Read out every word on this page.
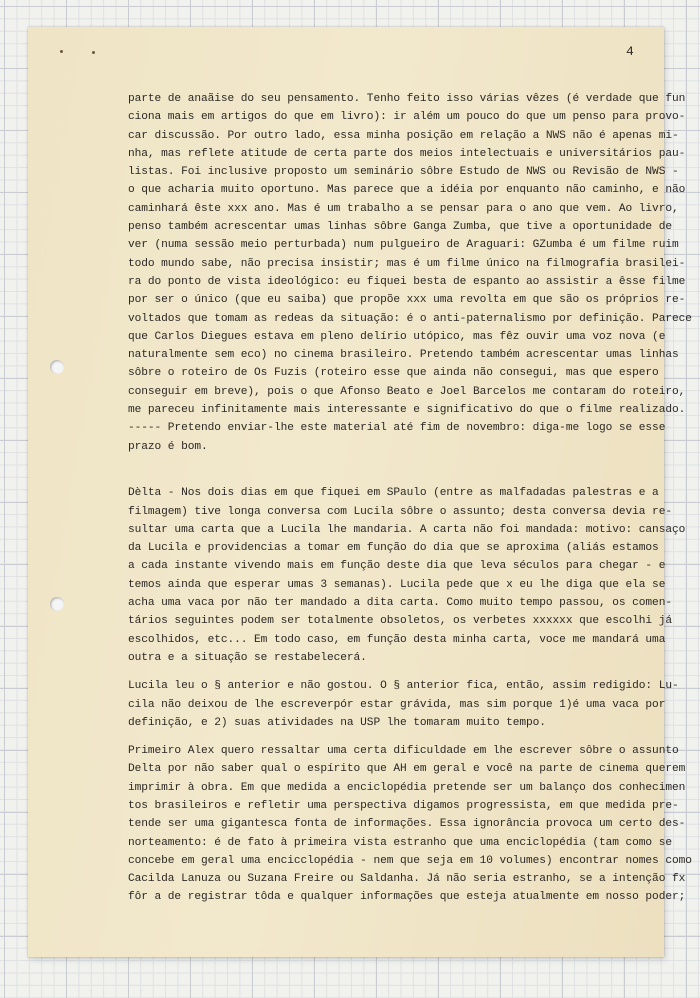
4
parte de anaãise do seu pensamento. Tenho feito isso várias vêzes (é verdade que fun
ciona mais em artigos do que em livro): ir além um pouco do que um penso para provo-
car discussão. Por outro lado, essa minha posição em relação a NWS não é apenas mi-
nha, mas reflete atitude de certa parte dos meios intelectuais e universitários pau-
listas. Foi inclusive proposto um seminário sôbre Estudo de NWS ou Revisão de NWS -
o que acharia muito oportuno. Mas parece que a idéia por enquanto não caminho, e não
caminhará êste xxx ano. Mas é um trabalho a se pensar para o ano que vem. Ao livro,
penso também acrescentar umas linhas sôbre Ganga Zumba, que tive a oportunidade de
ver (numa sessão meio perturbada) num pulgueiro de Araguari: GZumba é um filme ruim
todo mundo sabe, não precisa insistir; mas é um filme único na filmografia brasilei-
ra do ponto de vista ideológico: eu fiquei besta de espanto ao assistir a êsse filme
por ser o único (que eu saiba) que propõe xxx uma revolta em que são os próprios re-
voltados que tomam as redeas da situação: é o anti-paternalismo por definição. Parece
que Carlos Diegues estava em pleno delírio utópico, mas fêz ouvir uma voz nova (e
naturalmente sem eco) no cinema brasileiro. Pretendo também acrescentar umas linhas
sôbre o roteiro de Os Fuzis (roteiro esse que ainda não consegui, mas que espero
conseguir em breve), pois o que Afonso Beato e Joel Barcelos me contaram do roteiro,
me pareceu infinitamente mais interessante e significativo do que o filme realizado.
----- Pretendo enviar-lhe este material até fim de novembro: diga-me logo se esse
prazo é bom.
Dèlta - Nos dois dias em que fiquei em SPaulo (entre as malfadadas palestras e a
filmagem) tive longa conversa com Lucila sôbre o assunto; desta conversa devia re-
sultar uma carta que a Lucila lhe mandaria. A carta não foi mandada: motivo: cansaço
da Lucila e providencias a tomar em função do dia que se aproxima (aliás estamos
a cada instante vivendo mais em função deste dia que leva séculos para chegar - e
temos ainda que esperar umas 3 semanas). Lucila pede que x eu lhe diga que ela se
acha uma vaca por não ter mandado a dita carta. Como muito tempo passou, os comen-
tários seguintes podem ser totalmente obsoletos, os verbetes xxxxxx que escolhi já
escolhidos, etc... Em todo caso, em função desta minha carta, voce me mandará uma
outra e a situação se restabelecerá.
Lucila leu o § anterior e não gostou. O § anterior fica, então, assim redigido: Lu-
cila não deixou de lhe escreverpór estar grávida, mas sim porque 1)é uma vaca por
definição, e 2) suas atividades na USP lhe tomaram muito tempo.
Primeiro Alex quero ressaltar uma certa dificuldade em lhe escrever sôbre o assunto
Delta por não saber qual o espírito que AH em geral e você na parte de cinema querem
imprimir à obra. Em que medida a enciclopédia pretende ser um balanço dos conhecimen
tos brasileiros e refletir uma perspectiva digamos progressista, em que medida pre-
tende ser uma gigantesca fonta de informações. Essa ignorância provoca um certo des-
norteamento: é de fato à primeira vista estranho que uma enciclopédia (tam como se
concebe em geral uma encicclopédia - nem que seja em 10 volumes) encontrar nomes como
Cacilda Lanuza ou Suzana Freire ou Saldanha. Já não seria estranho, se a intenção fx
fôr a de registrar tôda e qualquer informações que esteja atualmente em nosso poder;
